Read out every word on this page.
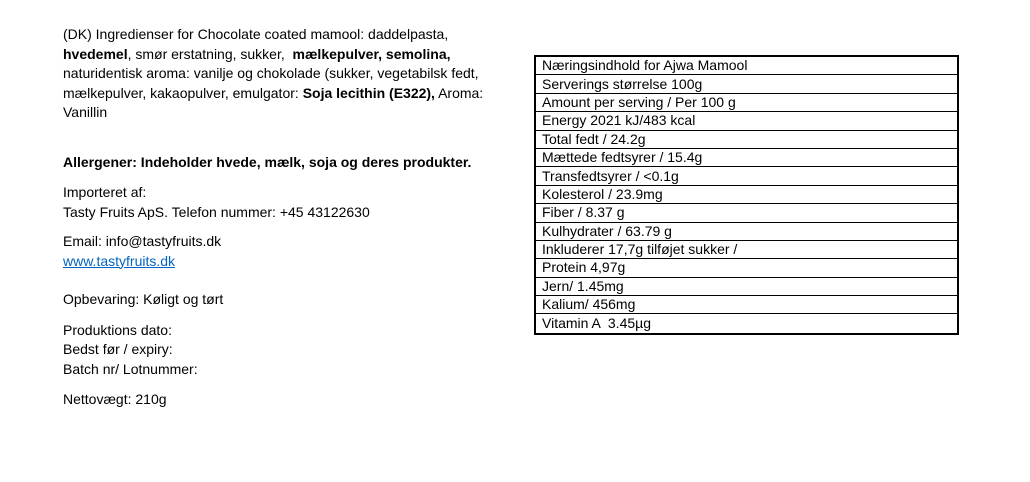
(DK) Ingredienser for Chocolate coated mamool: daddelpasta,
hvedemel, smør erstatning, sukker,  mælkepulver, semolina,
naturidentisk aroma: vanilje og chokolade (sukker, vegetabilsk fedt,
mælkepulver, kakaopulver, emulgator: Soja lecithin (E322), Aroma:
Vanillin

Allergener: Indeholder hvede, mælk, soja og deres produkter.

Importeret af:
Tasty Fruits ApS. Telefon nummer: +45 43122630

Email: info@tastyfruits.dk
www.tastyfruits.dk

Opbevaring: Køligt og tørt

Produktions dato:
Bedst før / expiry:
Batch nr/ Lotnummer:

Nettovægt: 210g

Næringsindhold for Ajwa Mamool
Serverings størrelse 100g
Amount per serving / Per 100 g
Energy 2021 kJ/483 kcal
Total fedt / 24.2g
Mættede fedtsyrer / 15.4g
Transfedtsyrer / <0.1g
Kolesterol / 23.9mg
Fiber / 8.37 g
Kulhydrater / 63.79 g
Inkluderer 17,7g tilføjet sukker /
Protein 4,97g
Jern/ 1.45mg
Kalium/ 456mg
Vitamin A  3.45µg
